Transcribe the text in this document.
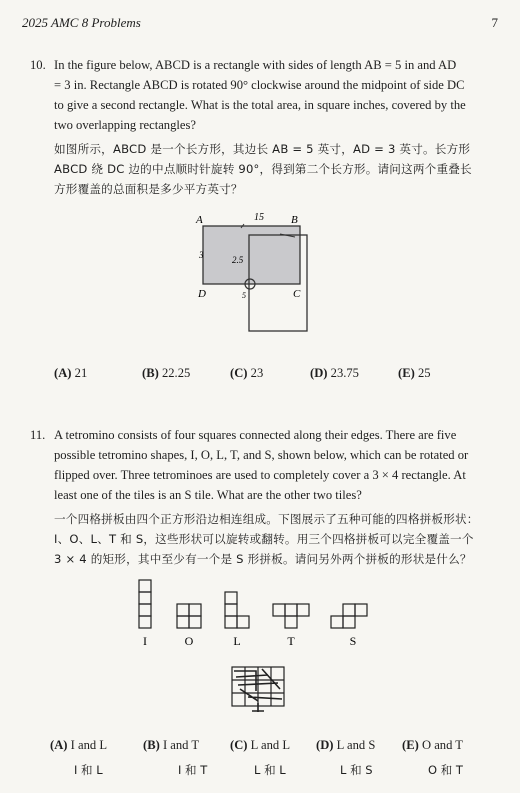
2025 AMC 8 Problems	7
10. In the figure below, ABCD is a rectangle with sides of length AB = 5 in and AD
= 3 in. Rectangle ABCD is rotated 90° clockwise around the midpoint of side DC
to give a second rectangle. What is the total area, in square inches, covered by the
two overlapping rectangles?
如图所示，ABCD 是一个长方形，其边长 AB = 5 英寸，AD = 3 英寸。长方形
ABCD 绕 DC 边的中点顺时针旋转 90°，得到第二个长方形。请问这两个重叠长
方形覆盖的总面积是多少平方英寸？
A	B
C
D
15
3	2.5
5
(A) 21	(B) 22.25	(C) 23	(D) 23.75	(E) 25
11. A tetromino consists of four squares connected along their edges. There are five
possible tetromino shapes, I, O, L, T, and S, shown below, which can be rotated or
flipped over. Three tetrominoes are used to completely cover a 3 × 4 rectangle. At
least one of the tiles is an S tile. What are the other two tiles?
一个四格拼板由四个正方形沿边相连组成。下图展示了五种可能的四格拼板形状：
I、O、L、T 和 S，这些形状可以旋转或翻转。用三个四格拼板可以完全覆盖一个
3 × 4 的矩形，其中至少有一个是 S 形拼板。请问另外两个拼板的形状是什么？
I	O	L	T	S
(A) I and L	(B) I and T (C) L and L (D) L and S (E) O and T
I 和 L	I 和 T	L 和 L	L 和 S	O 和 T
